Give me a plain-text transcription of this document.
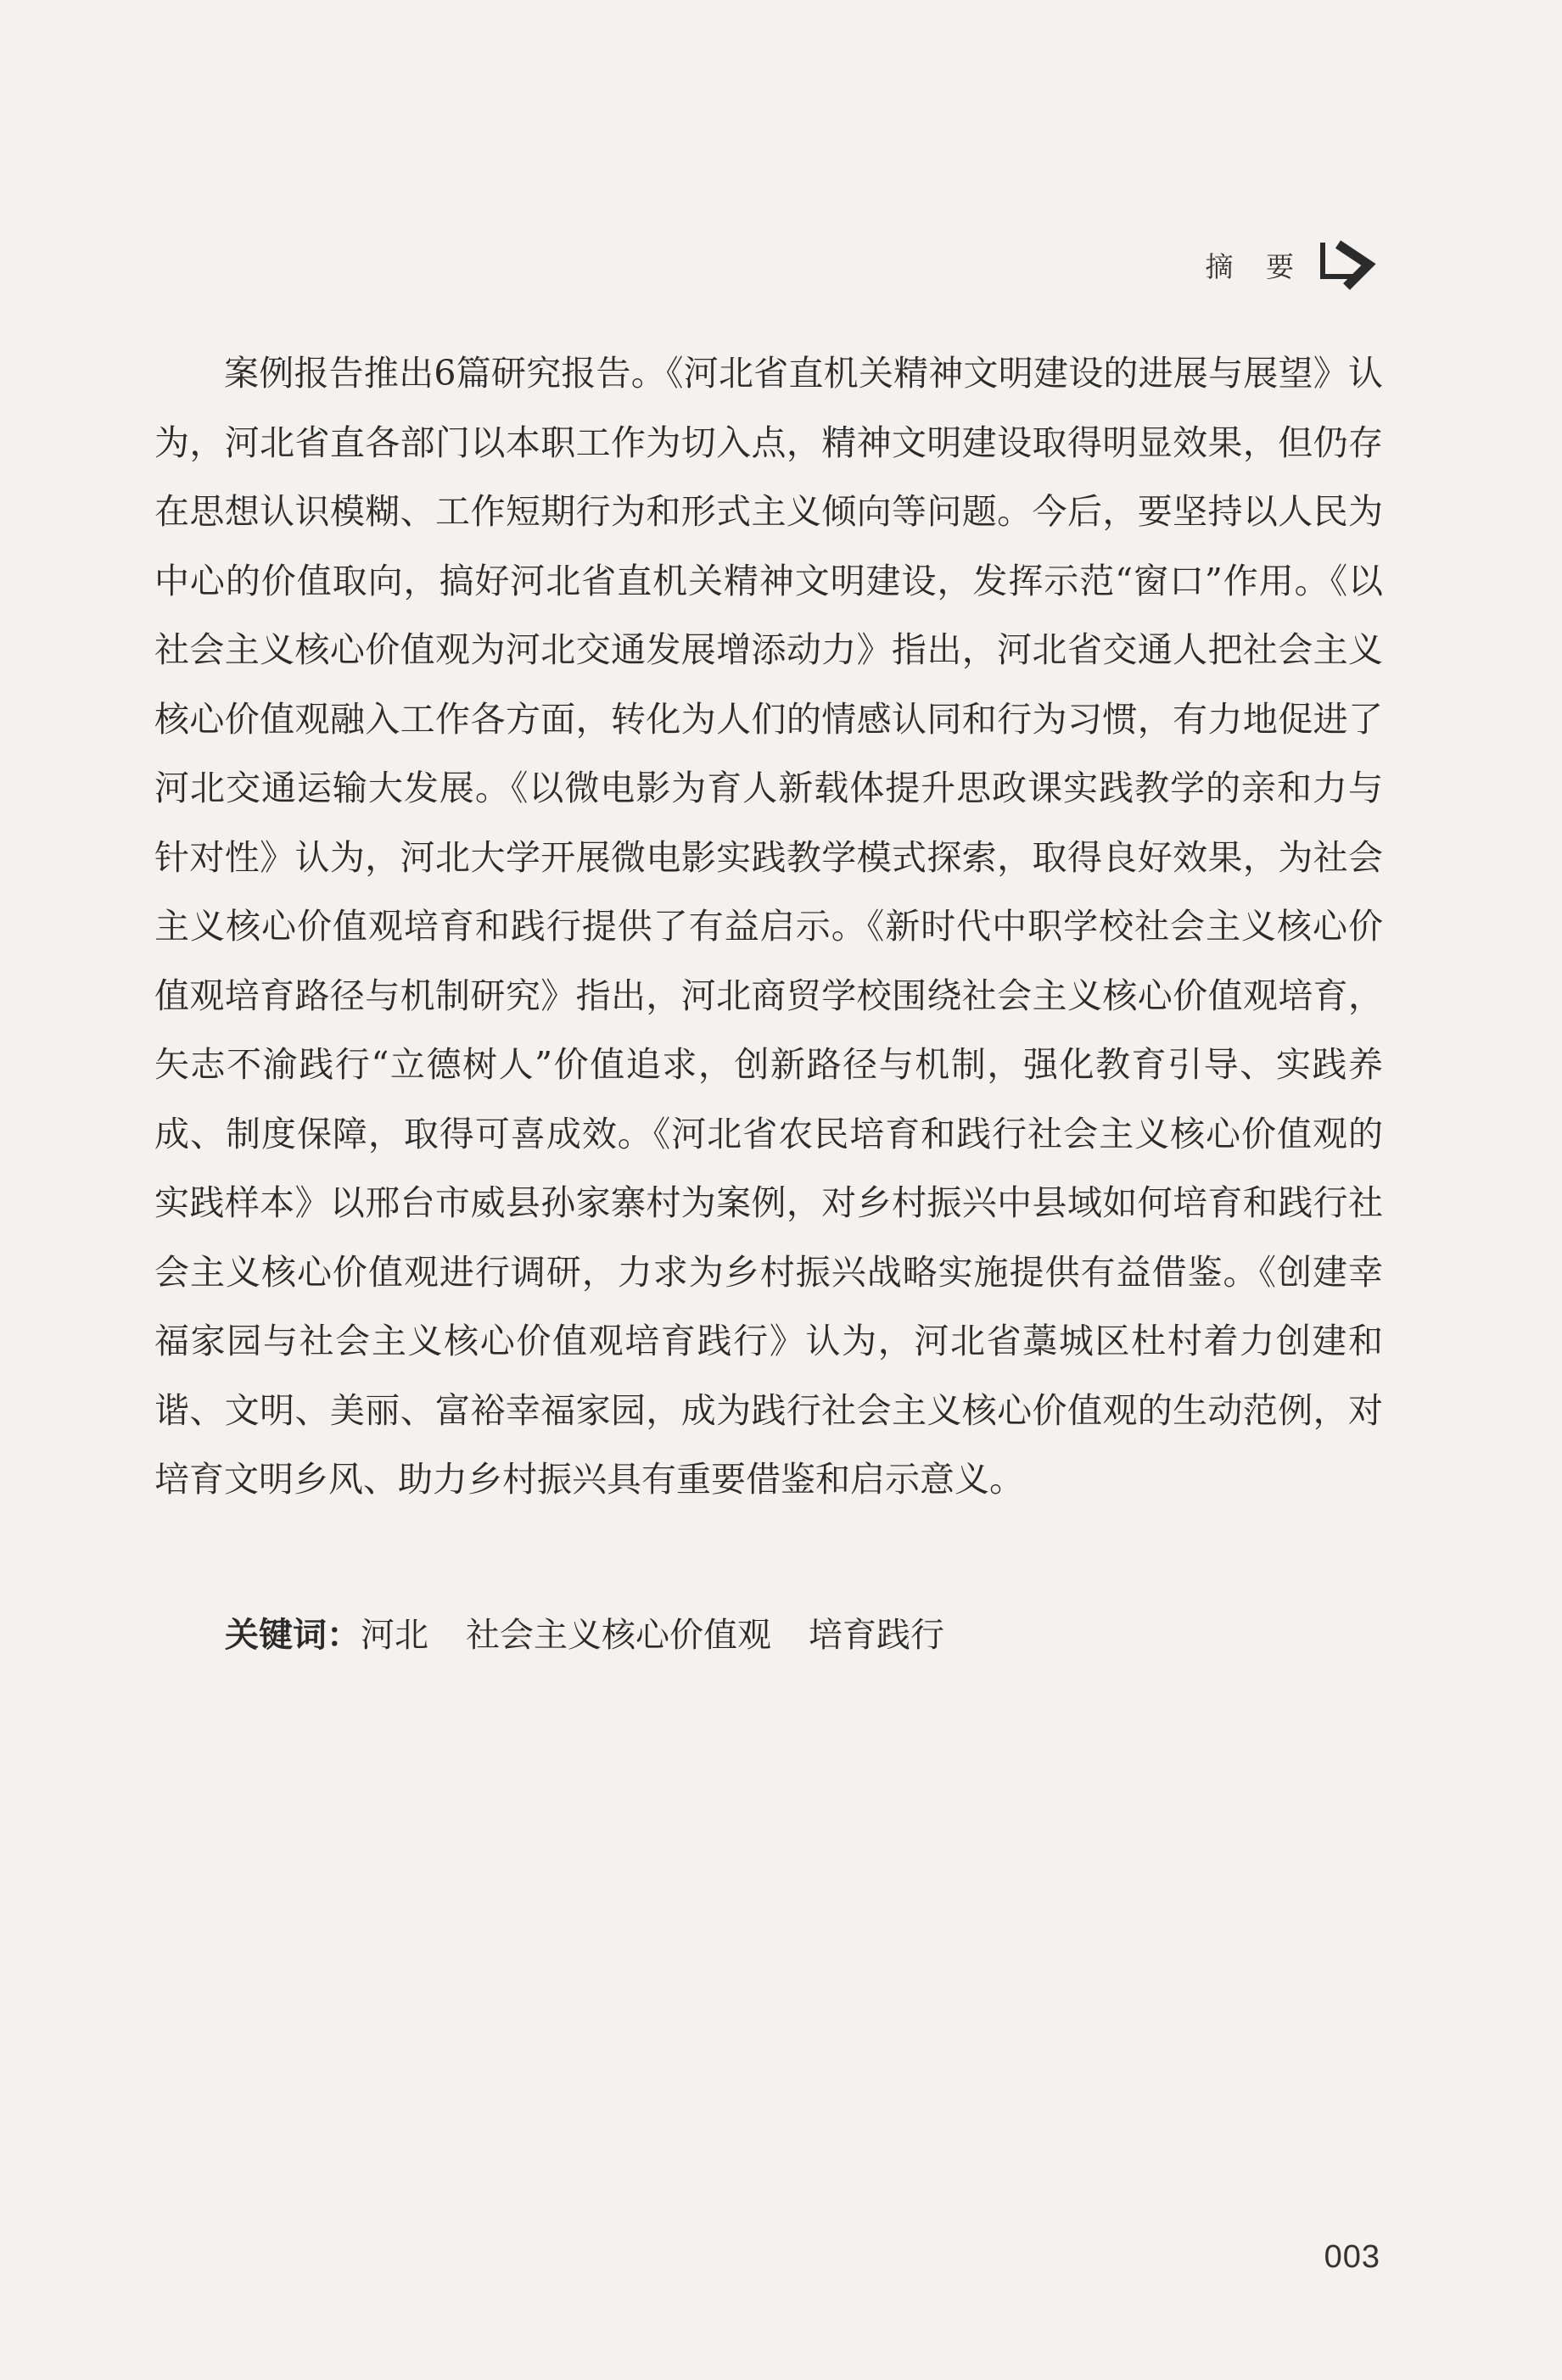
摘 要

案例报告推出6篇研究报告。《河北省直机关精神文明建设的进展与展望》认为，河北省直各部门以本职工作为切入点，精神文明建设取得明显效果，但仍存在思想认识模糊、工作短期行为和形式主义倾向等问题。今后，要坚持以人民为中心的价值取向，搞好河北省直机关精神文明建设，发挥示范“窗口”作用。《以社会主义核心价值观为河北交通发展增添动力》指出，河北省交通人把社会主义核心价值观融入工作各方面，转化为人们的情感认同和行为习惯，有力地促进了河北交通运输大发展。《以微电影为育人新载体提升思政课实践教学的亲和力与针对性》认为，河北大学开展微电影实践教学模式探索，取得良好效果，为社会主义核心价值观培育和践行提供了有益启示。《新时代中职学校社会主义核心价值观培育路径与机制研究》指出，河北商贸学校围绕社会主义核心价值观培育，矢志不渝践行“立德树人”价值追求，创新路径与机制，强化教育引导、实践养成、制度保障，取得可喜成效。《河北省农民培育和践行社会主义核心价值观的实践样本》以邢台市威县孙家寨村为案例，对乡村振兴中县域如何培育和践行社会主义核心价值观进行调研，力求为乡村振兴战略实施提供有益借鉴。《创建幸福家园与社会主义核心价值观培育践行》认为，河北省藁城区杜村着力创建和谐、文明、美丽、富裕幸福家园，成为践行社会主义核心价值观的生动范例，对培育文明乡风、助力乡村振兴具有重要借鉴和启示意义。

关键词：河北 社会主义核心价值观 培育践行
003
